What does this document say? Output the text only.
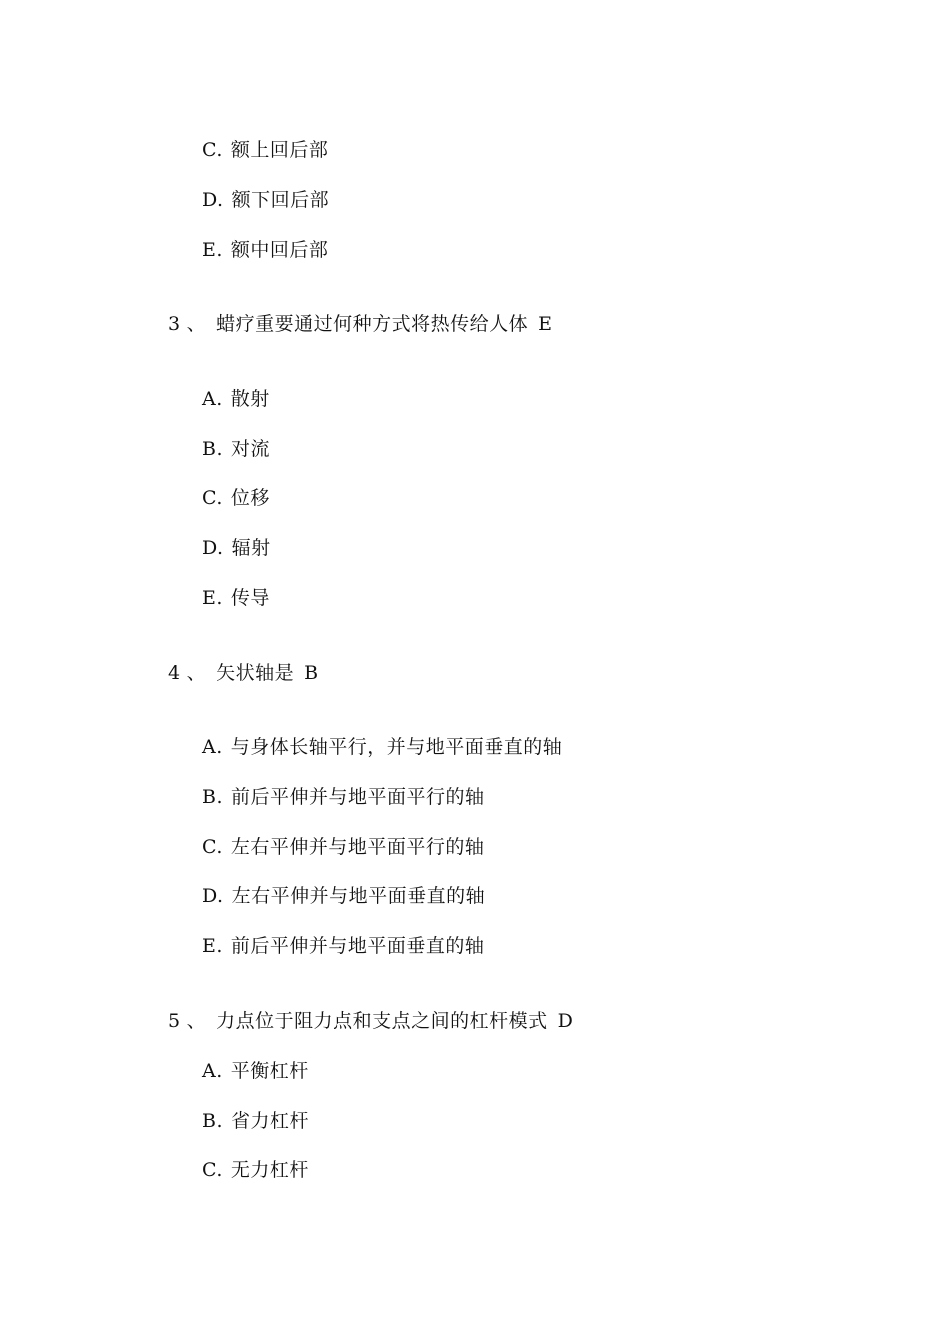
C. 额上回后部
D. 额下回后部
E. 额中回后部
3 、 蜡疗重要通过何种方式将热传给人体 E
A. 散射
B. 对流
C. 位移
D. 辐射
E. 传导
4 、 矢状轴是 B
A. 与身体长轴平行，并与地平面垂直的轴
B. 前后平伸并与地平面平行的轴
C. 左右平伸并与地平面平行的轴
D. 左右平伸并与地平面垂直的轴
E. 前后平伸并与地平面垂直的轴
5 、 力点位于阻力点和支点之间的杠杆模式 D
A. 平衡杠杆
B. 省力杠杆
C. 无力杠杆
